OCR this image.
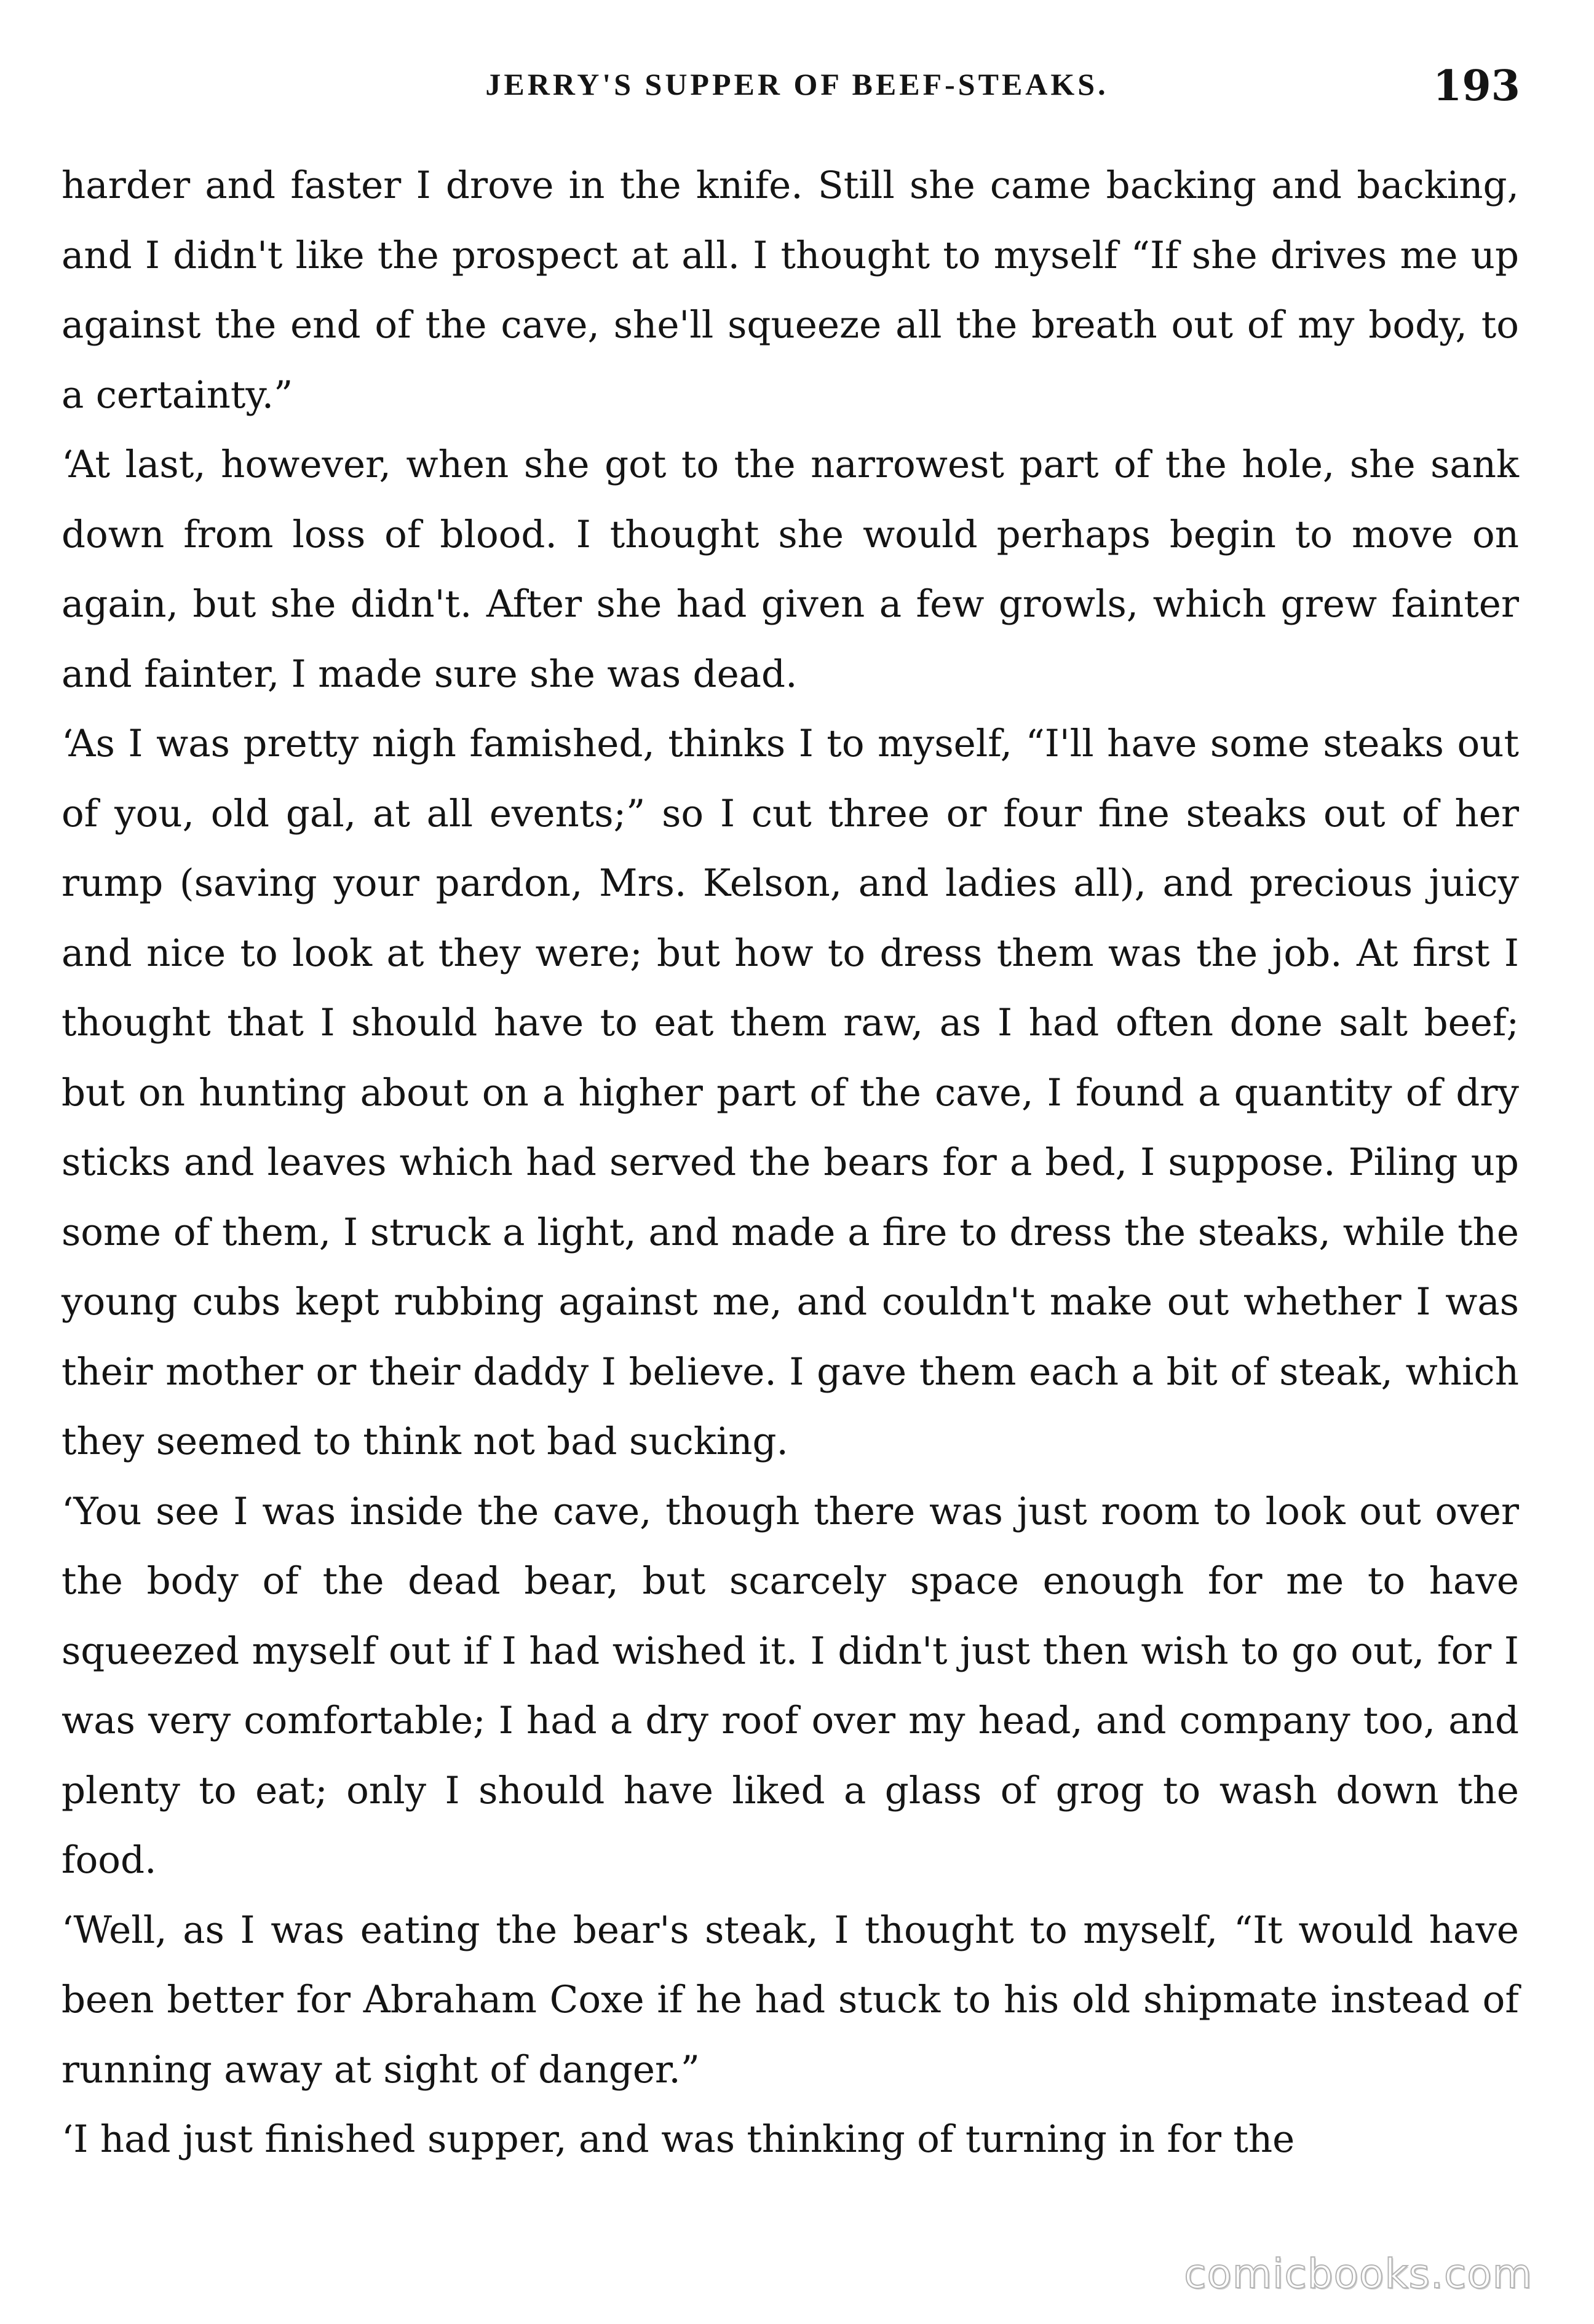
JERRY'S SUPPER OF BEEF-STEAKS.	193

harder and faster I drove in the knife. Still she came backing and backing, and I didn't like the prospect at all. I thought to myself “If she drives me up against the end of the cave, she'll squeeze all the breath out of my body, to a certainty.”

‘At last, however, when she got to the narrowest part of the hole, she sank down from loss of blood. I thought she would perhaps begin to move on again, but she didn't. After she had given a few growls, which grew fainter and fainter, I made sure she was dead.

‘As I was pretty nigh famished, thinks I to myself, “I'll have some steaks out of you, old gal, at all events;” so I cut three or four fine steaks out of her rump (saving your pardon, Mrs. Kelson, and ladies all), and precious juicy and nice to look at they were; but how to dress them was the job. At first I thought that I should have to eat them raw, as I had often done salt beef; but on hunting about on a higher part of the cave, I found a quantity of dry sticks and leaves which had served the bears for a bed, I suppose. Piling up some of them, I struck a light, and made a fire to dress the steaks, while the young cubs kept rubbing against me, and couldn't make out whether I was their mother or their daddy I believe. I gave them each a bit of steak, which they seemed to think not bad sucking.

‘You see I was inside the cave, though there was just room to look out over the body of the dead bear, but scarcely space enough for me to have squeezed myself out if I had wished it. I didn't just then wish to go out, for I was very comfortable; I had a dry roof over my head, and company too, and plenty to eat; only I should have liked a glass of grog to wash down the food.

‘Well, as I was eating the bear's steak, I thought to myself, “It would have been better for Abraham Coxe if he had stuck to his old shipmate instead of running away at sight of danger.”

‘I had just finished supper, and was thinking of turning in for the

comicbooks.com
